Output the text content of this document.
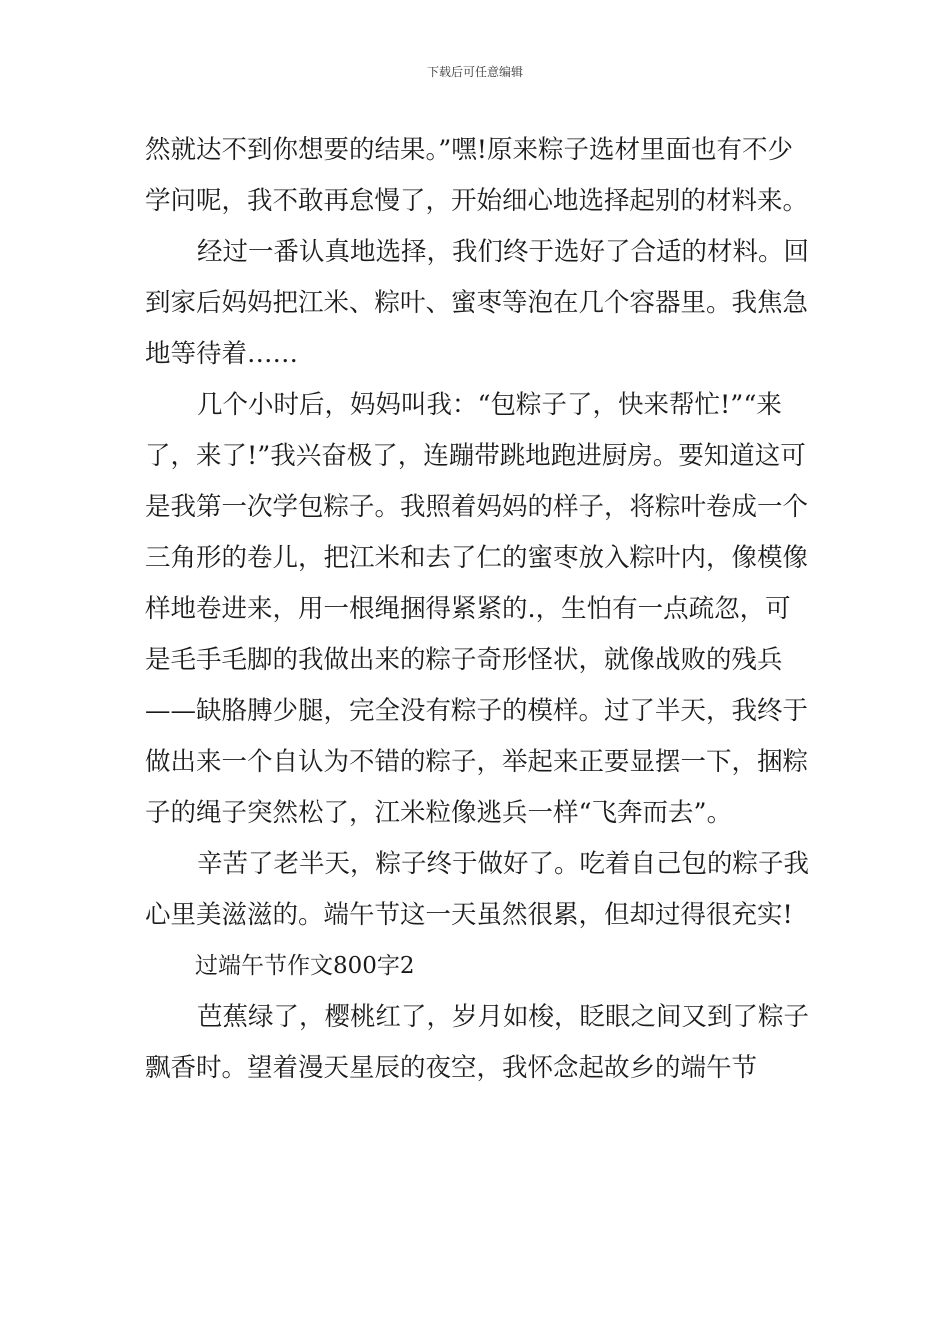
下载后可任意编辑

然就达不到你想要的结果。”嘿!原来粽子选材里面也有不少学问呢，我不敢再怠慢了，开始细心地选择起别的材料来。

经过一番认真地选择，我们终于选好了合适的材料。回到家后妈妈把江米、粽叶、蜜枣等泡在几个容器里。我焦急地等待着……

几个小时后，妈妈叫我：“包粽子了，快来帮忙!”“来了，来了!”我兴奋极了，连蹦带跳地跑进厨房。要知道这可是我第一次学包粽子。我照着妈妈的样子，将粽叶卷成一个三角形的卷儿，把江米和去了仁的蜜枣放入粽叶内，像模像样地卷进来，用一根绳捆得紧紧的.，生怕有一点疏忽，可是毛手毛脚的我做出来的粽子奇形怪状，就像战败的残兵——缺胳膊少腿，完全没有粽子的模样。过了半天，我终于做出来一个自认为不错的粽子，举起来正要显摆一下，捆粽子的绳子突然松了，江米粒像逃兵一样“飞奔而去”。

辛苦了老半天，粽子终于做好了。吃着自己包的粽子我心里美滋滋的。端午节这一天虽然很累，但却过得很充实!

过端午节作文800字2

芭蕉绿了，樱桃红了，岁月如梭，眨眼之间又到了粽子飘香时。望着漫天星辰的夜空，我怀念起故乡的端午节
